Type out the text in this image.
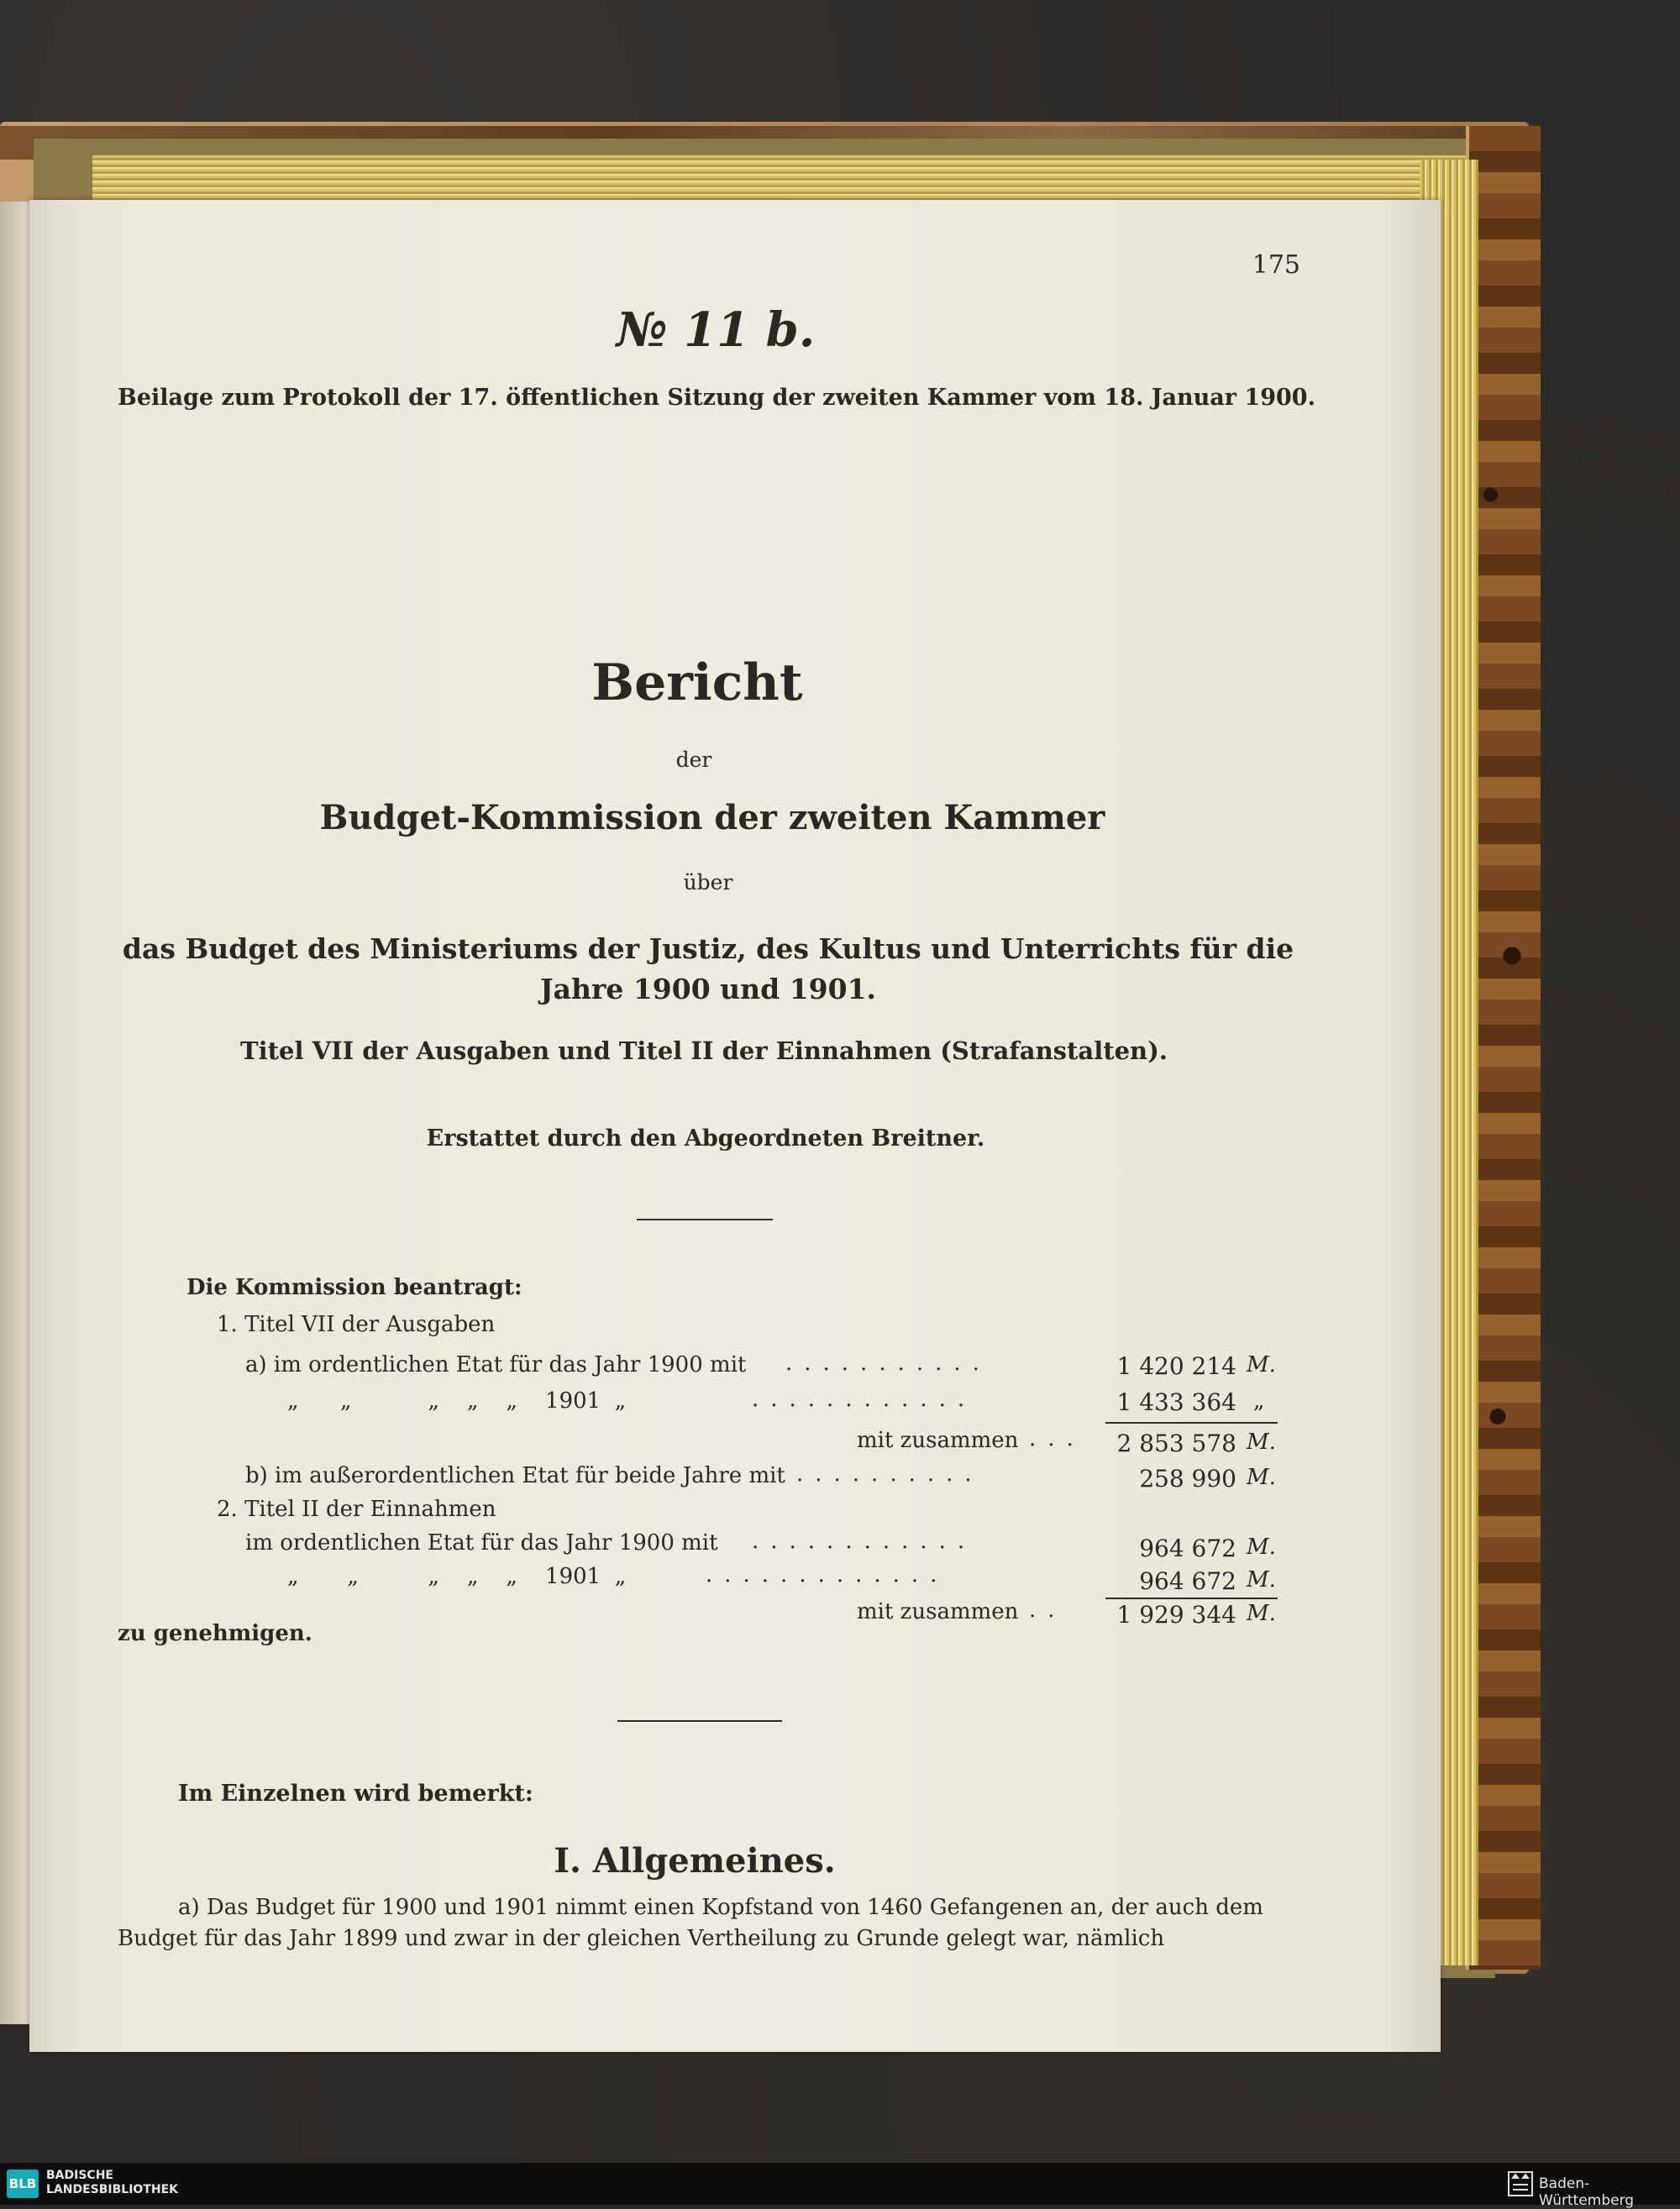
175
№ 11 b.
Beilage zum Protokoll der 17. öffentlichen Sitzung der zweiten Kammer vom 18. Januar 1900.
Bericht
der
Budget-Kommission der zweiten Kammer
über
das Budget des Ministeriums der Justiz, des Kultus und Unterrichts für die
Jahre 1900 und 1901.
Titel VII der Ausgaben und Titel II der Einnahmen (Strafanstalten).
Erstattet durch den Abgeordneten Breitner.
Die Kommission beantragt:
1. Titel VII der Ausgaben
a) im ordentlichen Etat für das Jahr 1900 mit ...........	1 420 214 M.
„      „           „    „    „    1901  „	............	1 433 364 „
mit zusammen ... 2 853 578 M.
b) im außerordentlichen Etat für beide Jahre mit ..........	258 990 M.
2. Titel II der Einnahmen
im ordentlichen Etat für das Jahr 1900 mit ............	964 672 M.
„       „          „    „    „    1901  „	.............	964 672 M.
mit zusammen .. 1 929 344 M.
zu genehmigen.
Im Einzelnen wird bemerkt:
I. Allgemeines.
a) Das Budget für 1900 und 1901 nimmt einen Kopfstand von 1460 Gefangenen an, der auch dem
Budget für das Jahr 1899 und zwar in der gleichen Vertheilung zu Grunde gelegt war, nämlich
BLB
BADISCHE
LANDESBIBLIOTHEK	Baden-Württemberg
